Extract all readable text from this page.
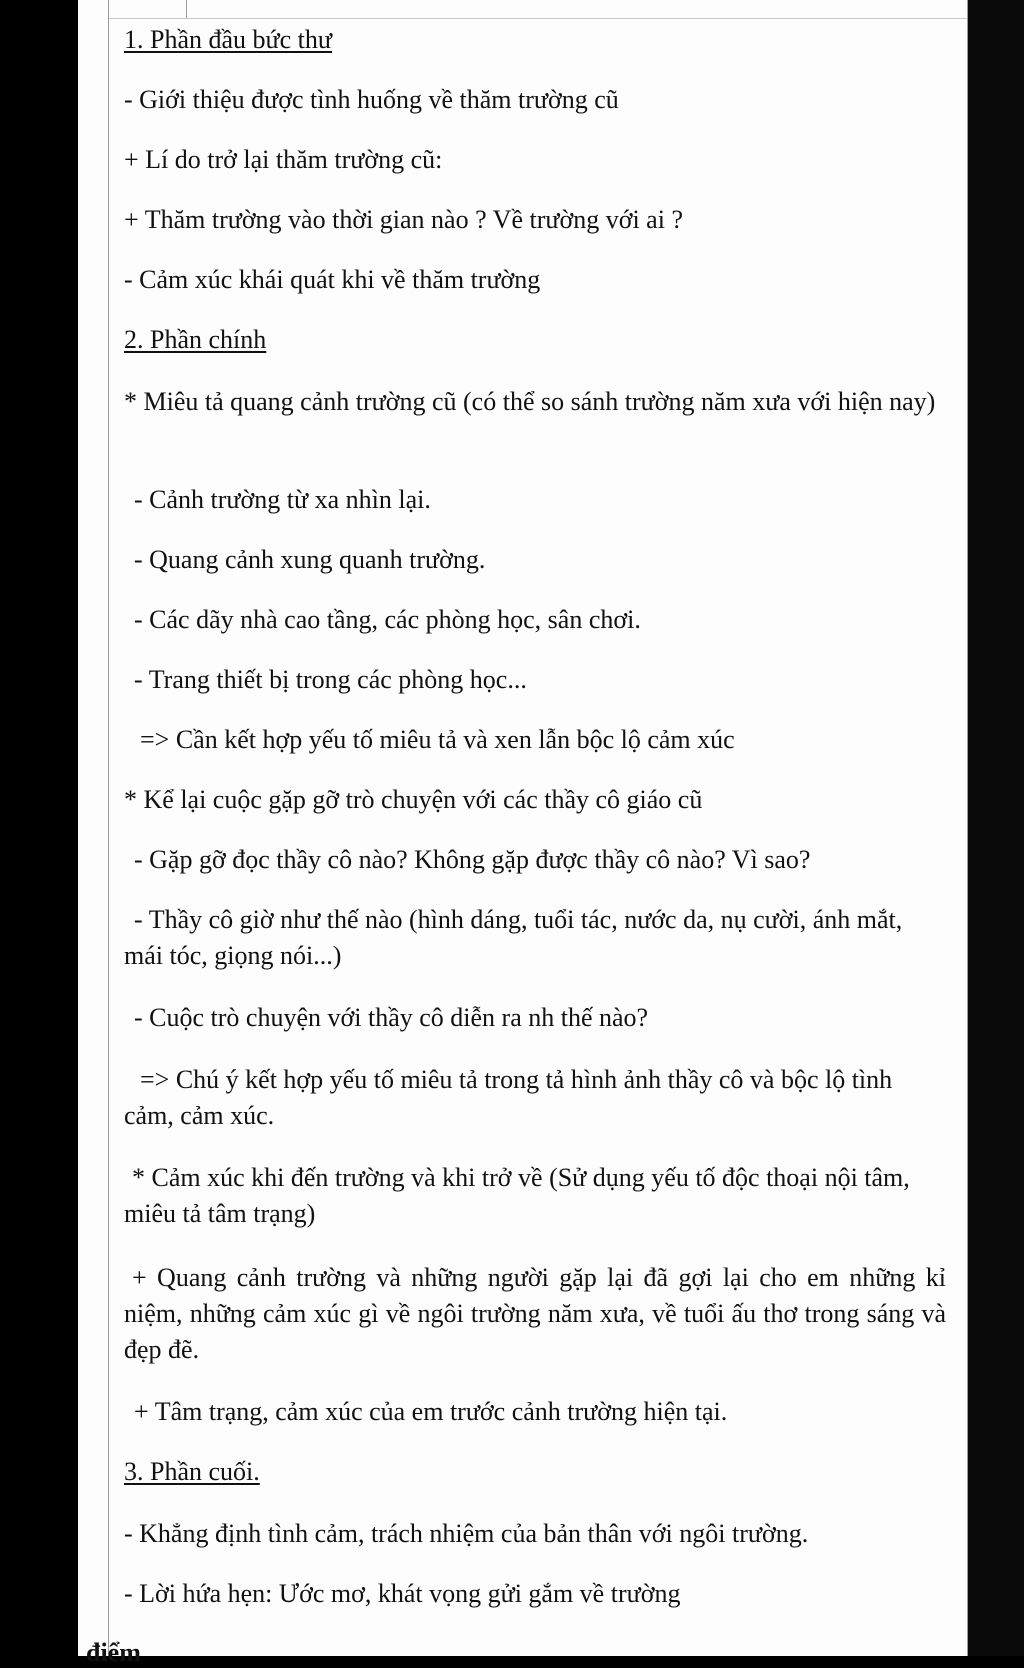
1. Phần đầu bức thư
- Giới thiệu được tình huống về thăm trường cũ
+ Lí do trở lại thăm trường cũ:
+ Thăm trường vào thời gian nào ? Về trường với ai ?
- Cảm xúc khái quát khi về thăm trường
2. Phần chính
* Miêu tả quang cảnh trường cũ (có thể so sánh trường năm xưa với hiện nay)
- Cảnh trường từ xa nhìn lại.
- Quang cảnh xung quanh trường.
- Các dãy nhà cao tầng, các phòng học, sân chơi.
- Trang thiết bị trong các phòng học...
=> Cần kết hợp yếu tố miêu tả và xen lẫn bộc lộ cảm xúc
* Kể lại cuộc gặp gỡ trò chuyện với các thầy cô giáo cũ
- Gặp gỡ đọc thầy cô nào? Không gặp được thầy cô nào? Vì sao?
- Thầy cô giờ như thế nào (hình dáng, tuổi tác, nước da, nụ cười, ánh mắt, mái tóc, giọng nói...)
- Cuộc trò chuyện với thầy cô diễn ra nh thế nào?
=> Chú ý kết hợp yếu tố miêu tả trong tả hình ảnh thầy cô và bộc lộ tình cảm, cảm xúc.
* Cảm xúc khi đến trường và khi trở về (Sử dụng yếu tố độc thoại nội tâm, miêu tả tâm trạng)
+ Quang cảnh trường và những người gặp lại đã gợi lại cho em những kỉ niệm, những cảm xúc gì về ngôi trường năm xưa, về tuổi ấu thơ trong sáng và đẹp đẽ.
+ Tâm trạng, cảm xúc của em trước cảnh trường hiện tại.
3. Phần cuối.
- Khẳng định tình cảm, trách nhiệm của bản thân với ngôi trường.
- Lời hứa hẹn: Ước mơ, khát vọng gửi gắm về trường
điểm
